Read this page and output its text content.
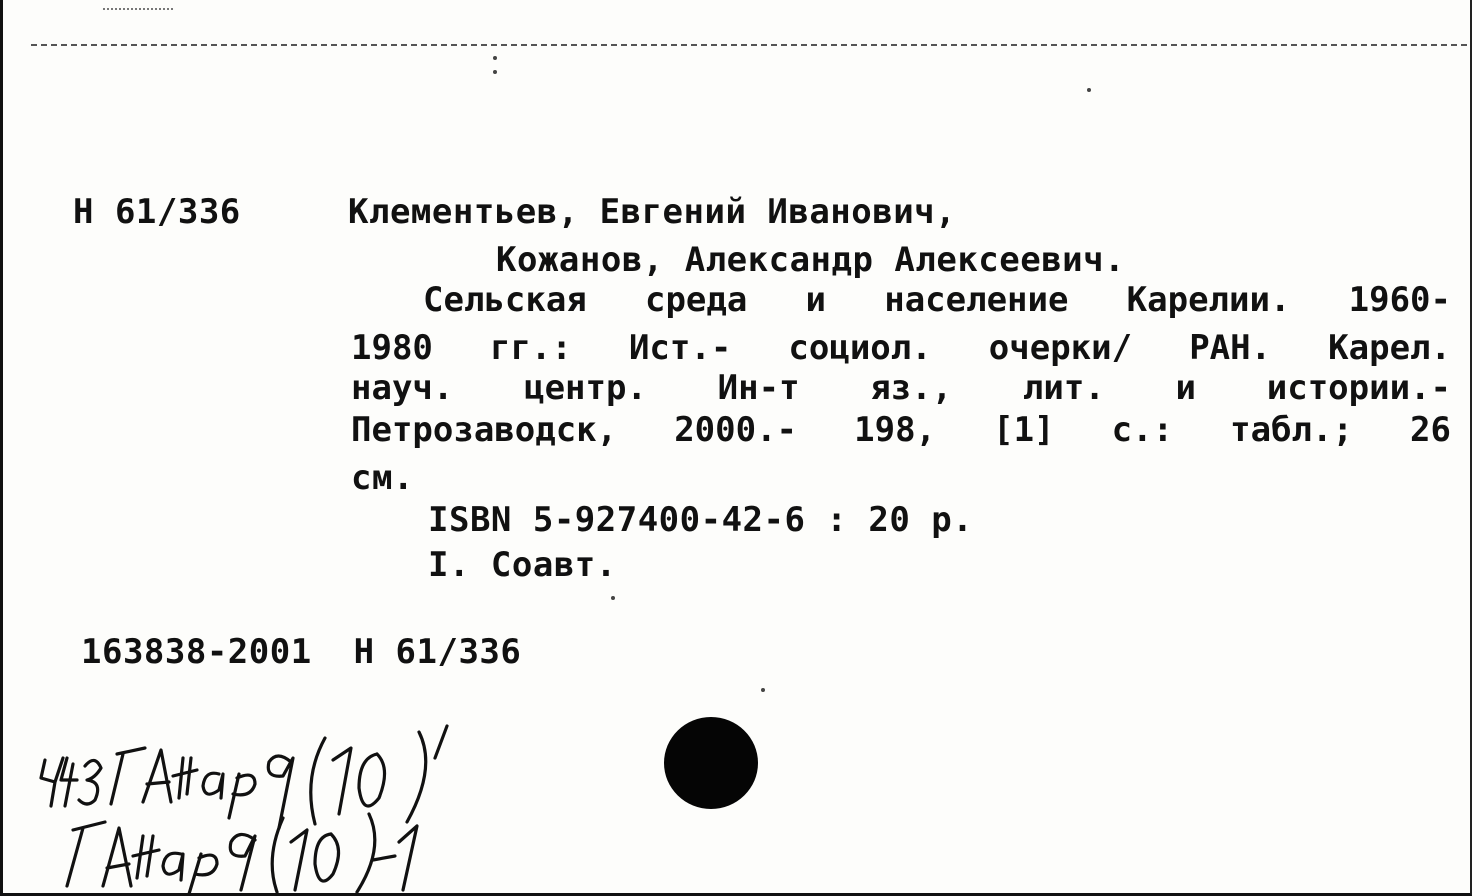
Н 61/336	Клементьев, Евгений Иванович,
Кожанов, Александр Алексеевич.
Сельская среда и население Карелии. 1960-
1980 гг.: Ист.- социол. очерки/ РАН. Карел.
науч. центр. Ин-т яз., лит. и истории.-
Петрозаводск, 2000.- 198, [1] с.: табл.; 26
см.
ISBN 5-927400-42-6 : 20 р.
I. Соавт.
163838-2001  Н 61/336
